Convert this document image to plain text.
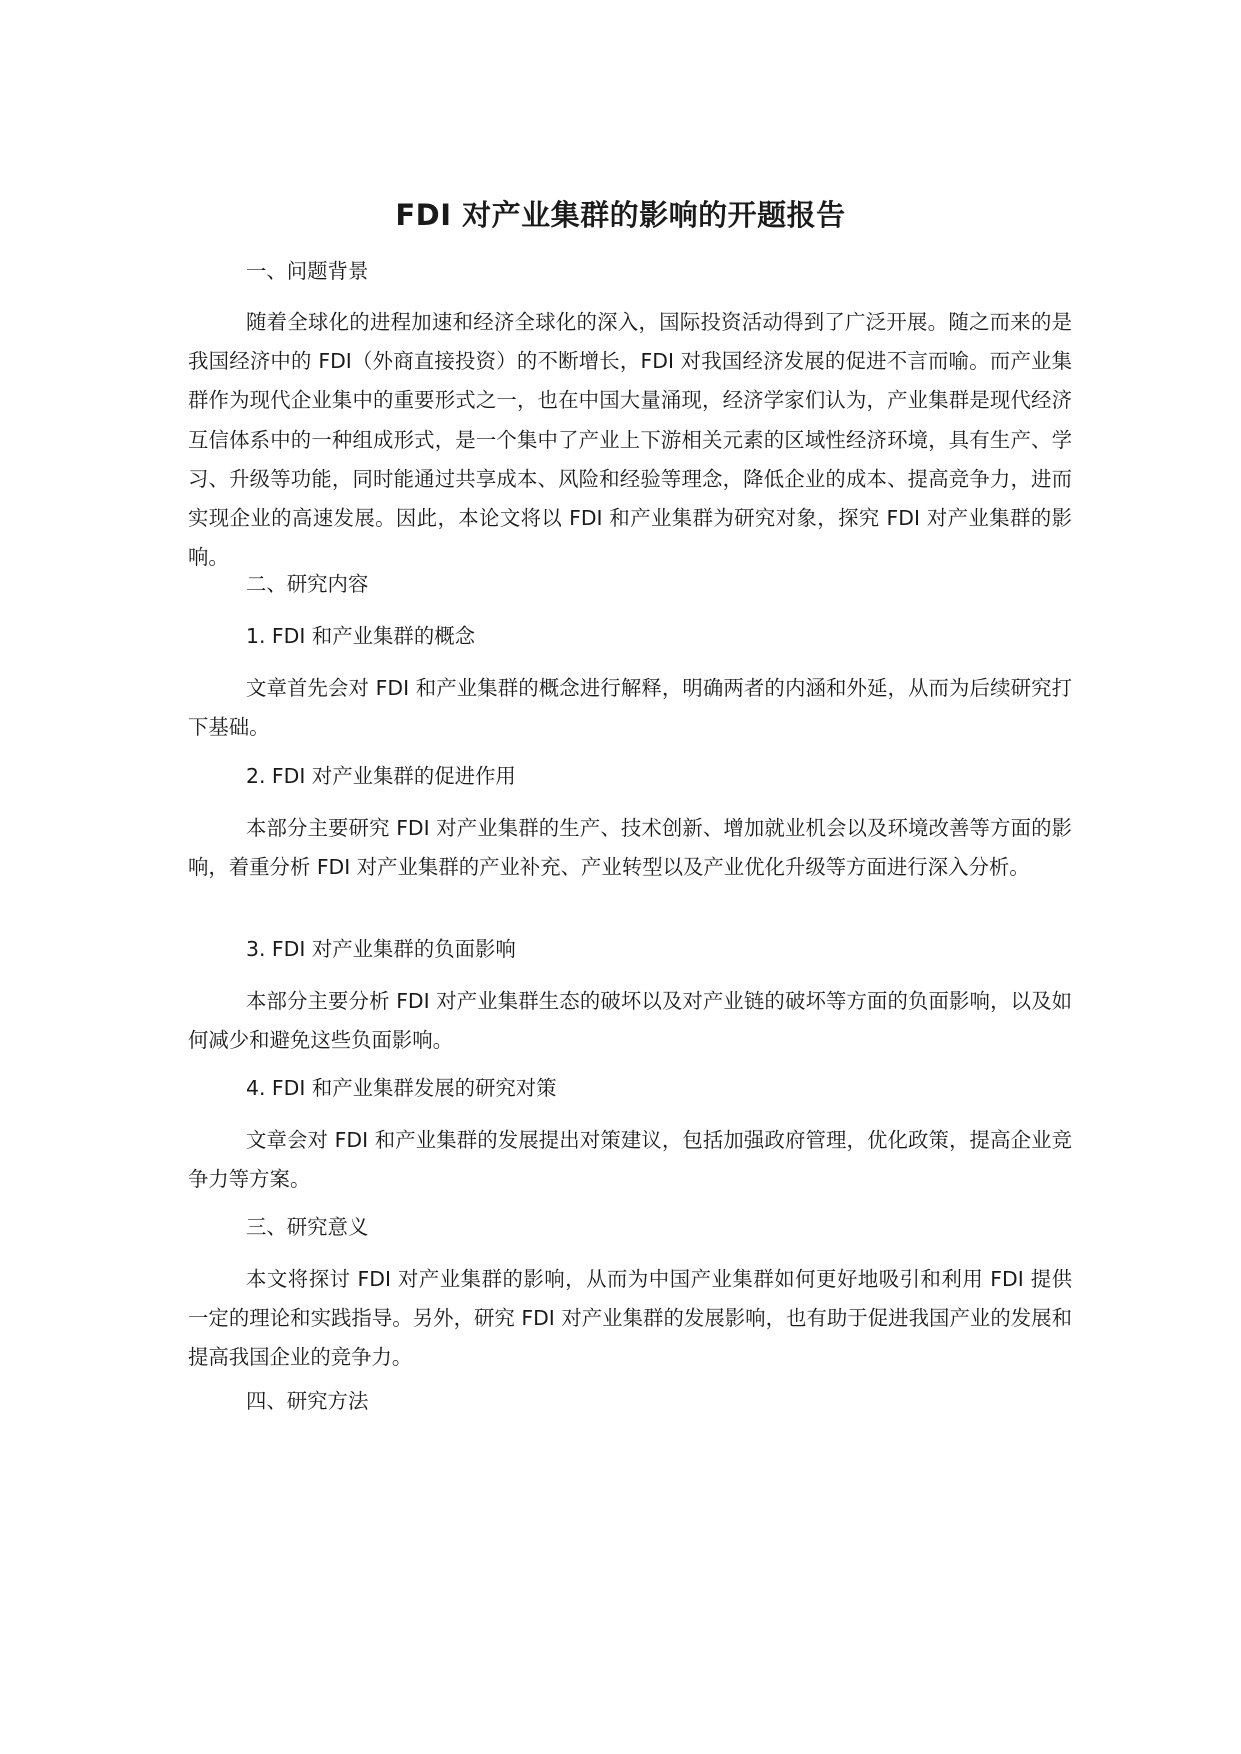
FDI 对产业集群的影响的开题报告

一、问题背景

随着全球化的进程加速和经济全球化的深入，国际投资活动得到了广泛开展。随之而来的是我国经济中的 FDI（外商直接投资）的不断增长，FDI 对我国经济发展的促进不言而喻。而产业集群作为现代企业集中的重要形式之一，也在中国大量涌现，经济学家们认为，产业集群是现代经济互信体系中的一种组成形式，是一个集中了产业上下游相关元素的区域性经济环境，具有生产、学习、升级等功能，同时能通过共享成本、风险和经验等理念，降低企业的成本、提高竞争力，进而实现企业的高速发展。因此，本论文将以 FDI 和产业集群为研究对象，探究 FDI 对产业集群的影响。

二、研究内容

1. FDI 和产业集群的概念

文章首先会对 FDI 和产业集群的概念进行解释，明确两者的内涵和外延，从而为后续研究打下基础。

2. FDI 对产业集群的促进作用

本部分主要研究 FDI 对产业集群的生产、技术创新、增加就业机会以及环境改善等方面的影响，着重分析 FDI 对产业集群的产业补充、产业转型以及产业优化升级等方面进行深入分析。

3. FDI 对产业集群的负面影响

本部分主要分析 FDI 对产业集群生态的破坏以及对产业链的破坏等方面的负面影响，以及如何减少和避免这些负面影响。

4. FDI 和产业集群发展的研究对策

文章会对 FDI 和产业集群的发展提出对策建议，包括加强政府管理，优化政策，提高企业竞争力等方案。

三、研究意义

本文将探讨 FDI 对产业集群的影响，从而为中国产业集群如何更好地吸引和利用 FDI 提供一定的理论和实践指导。另外，研究 FDI 对产业集群的发展影响，也有助于促进我国产业的发展和提高我国企业的竞争力。

四、研究方法
